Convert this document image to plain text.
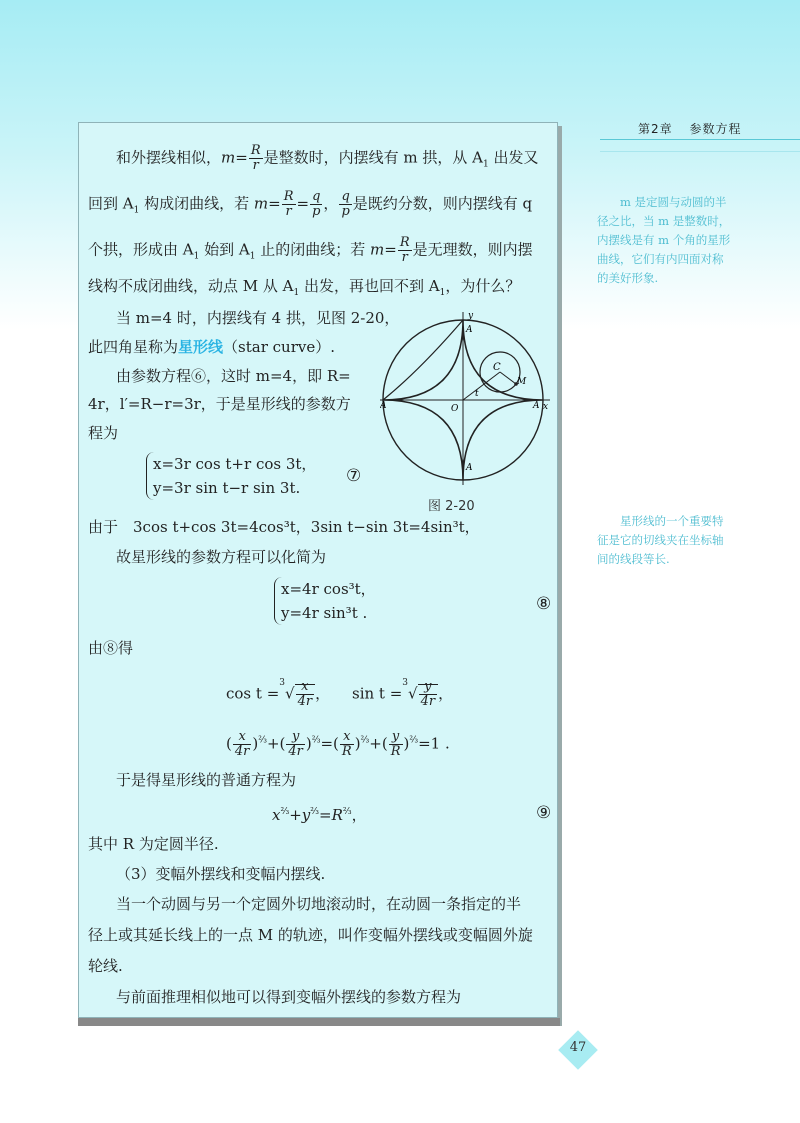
第2章 参数方程
m 是定圆与动圆的半径之比，当 m 是整数时，内摆线是有 m 个角的星形曲线，它们有内四面对称的美好形象.
星形线的一个重要特征是它的切线夹在坐标轴间的线段等长.
和外摆线相似，$m= \frac{R}{r}$ 是整数时，内摆线有 m 拱，从 $A_1$ 出发又
回到 $A_1$ 构成闭曲线，若 $m= \frac{R}{r} = \frac{q}{p}$ ， $\frac{q}{p}$ 是既约分数，则内摆线有 q
个拱，形成由 $A_1$ 始到 $A_1$ 止的闭曲线；若 $m= \frac{R}{r}$ 是无理数，则内摆
线构不成闭曲线，动点 M 从 $A_1$ 出发，再也回不到 $A_1$，为什么？
当 m=4 时，内摆线有 4 拱，见图 2-20，
此四角星称为星形线（star curve）.
由参数方程⑥，这时 m=4，即 R=
4r，l′=R−r=3r，于是星形线的参数方
程为
x=3r cos t+r cos 3t，
y=3r sin t−r sin 3t.
⑦
y
x
O
A	A
A
A
C
M
t
图 2-20
由于　3cos t+cos 3t=4cos³t，3sin t−sin 3t=4sin³t，
故星形线的参数方程可以化简为
x=4r cos³t，
y=4r sin³t .	⑧
由⑧得
$\cos t =^3√ \frac{x}{4r}$ ， $\sin t =^3√ \frac{y}{4r}$ ，
( $\frac{x}{4r} )^{\frac{2}{3}}+( \frac{y}{4r} )^{\frac{2}{3}}=( \frac{x}{R} )^{\frac{2}{3}}+( \frac{y}{R} )^{\frac{2}{3}}=1$ .
于是得星形线的普通方程为
$x^{\frac{2}{3}}+y^{\frac{2}{3}}=R^{\frac{2}{3}}$，	⑨
其中 R 为定圆半径.
（3）变幅外摆线和变幅内摆线.
当一个动圆与另一个定圆外切地滚动时，在动圆一条指定的半
径上或其延长线上的一点 M 的轨迹，叫作变幅外摆线或变幅圆外旋
轮线.
与前面推理相似地可以得到变幅外摆线的参数方程为
47
